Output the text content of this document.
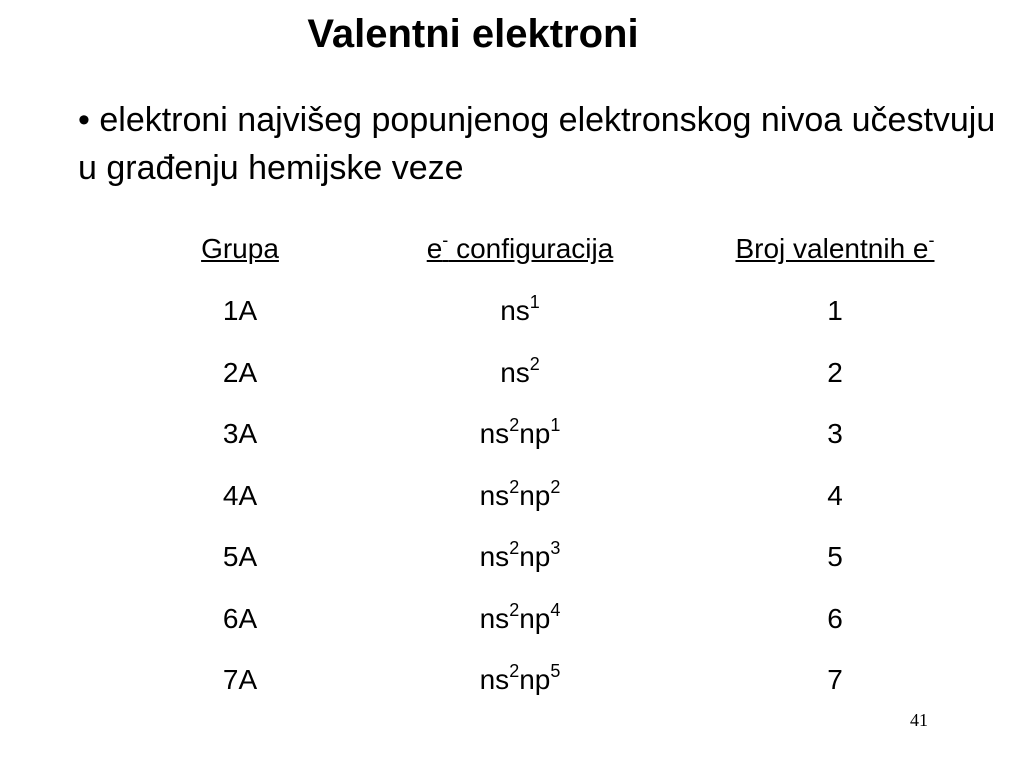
Valentni elektroni
• elektroni najvišeg popunjenog elektronskog nivoa učestvuju u građenju hemijske veze
Grupa	e- configuracija	Broj valentnih e-
1A	$ns^1$	1
2A	$ns^2$	2
3A	$ns^2np^1$	3
4A	$ns^2np^2$	4
5A	$ns^2np^3$	5
6A	$ns^2np^4$	6
7A	$ns^2np^5$	7
41
